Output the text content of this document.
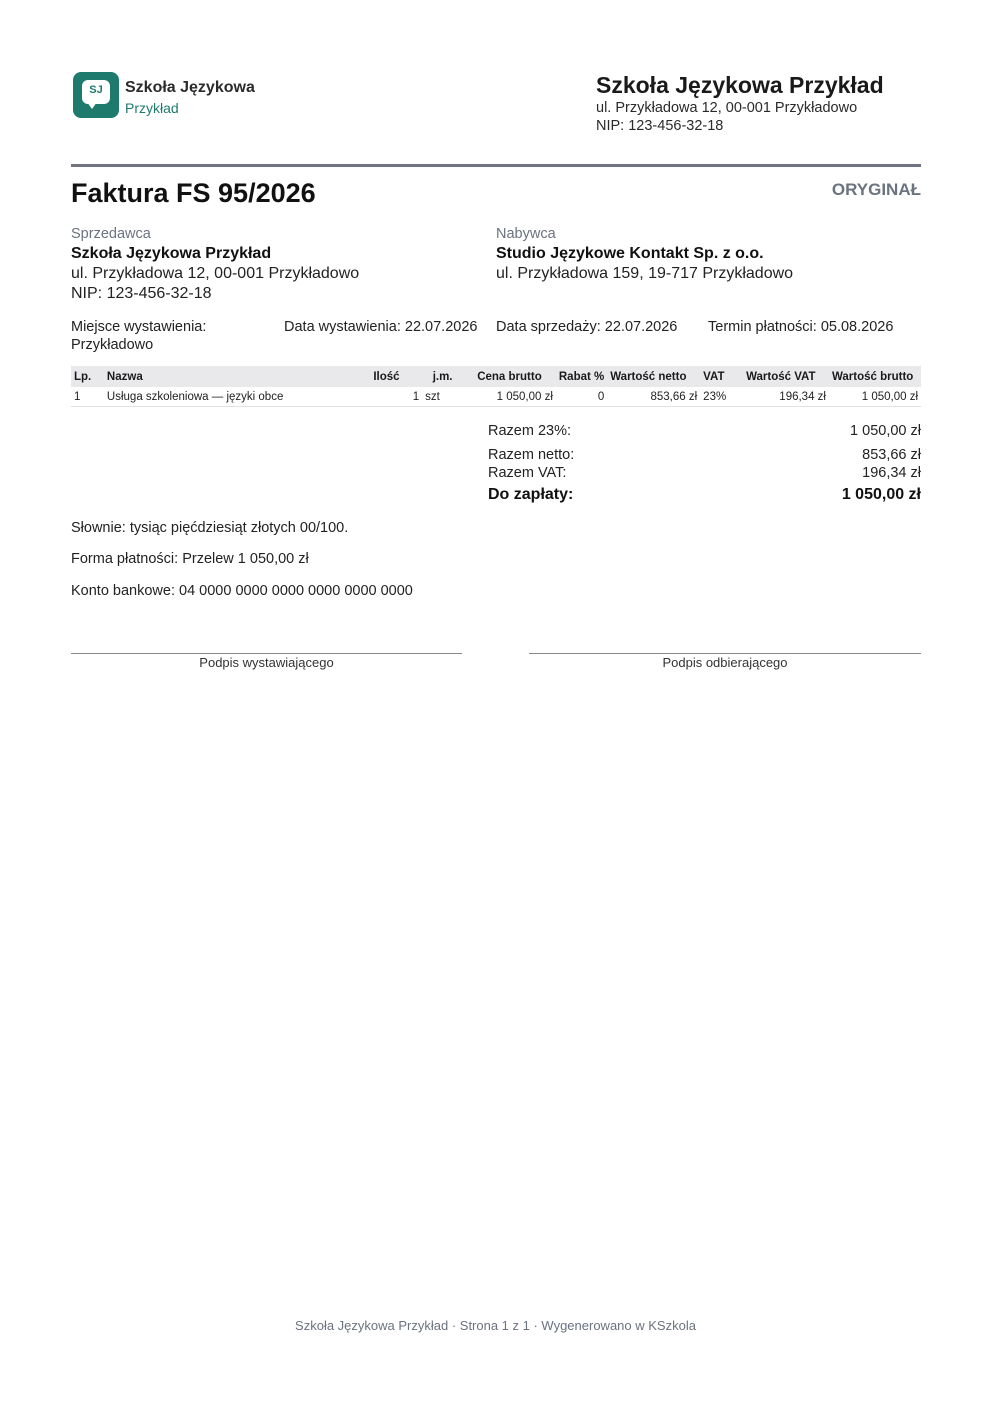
SJ	Szkoła Językowa
Przykład
Szkoła Językowa Przykład
ul. Przykładowa 12, 00-001 Przykładowo
NIP: 123-456-32-18
Faktura FS 95/2026	ORYGINAŁ
Sprzedawca
Szkoła Językowa Przykład
ul. Przykładowa 12, 00-001 Przykładowo
NIP: 123-456-32-18
Nabywca
Studio Językowe Kontakt Sp. z o.o.
ul. Przykładowa 159, 19-717 Przykładowo
Miejsce wystawienia:
Przykładowo
Data wystawienia: 22.07.2026 Data sprzedaży: 22.07.2026 Termin płatności: 05.08.2026
Lp.	Nazwa	Ilość	j.m.	Cena brutto	Rabat %	Wartość netto	VAT	Wartość VAT	Wartość brutto
1	Usługa szkoleniowa — języki obce	1	szt	1 050,00 zł	0	853,66 zł	23%	196,34 zł	1 050,00 zł
Razem 23%:	1 050,00 zł
Razem netto:	853,66 zł
Razem VAT:	196,34 zł
Do zapłaty:	1 050,00 zł
Słownie: tysiąc pięćdziesiąt złotych 00/100.
Forma płatności: Przelew 1 050,00 zł
Konto bankowe: 04 0000 0000 0000 0000 0000 0000
Podpis wystawiającego	Podpis odbierającego
Szkoła Językowa Przykład · Strona 1 z 1 · Wygenerowano w KSzkola
